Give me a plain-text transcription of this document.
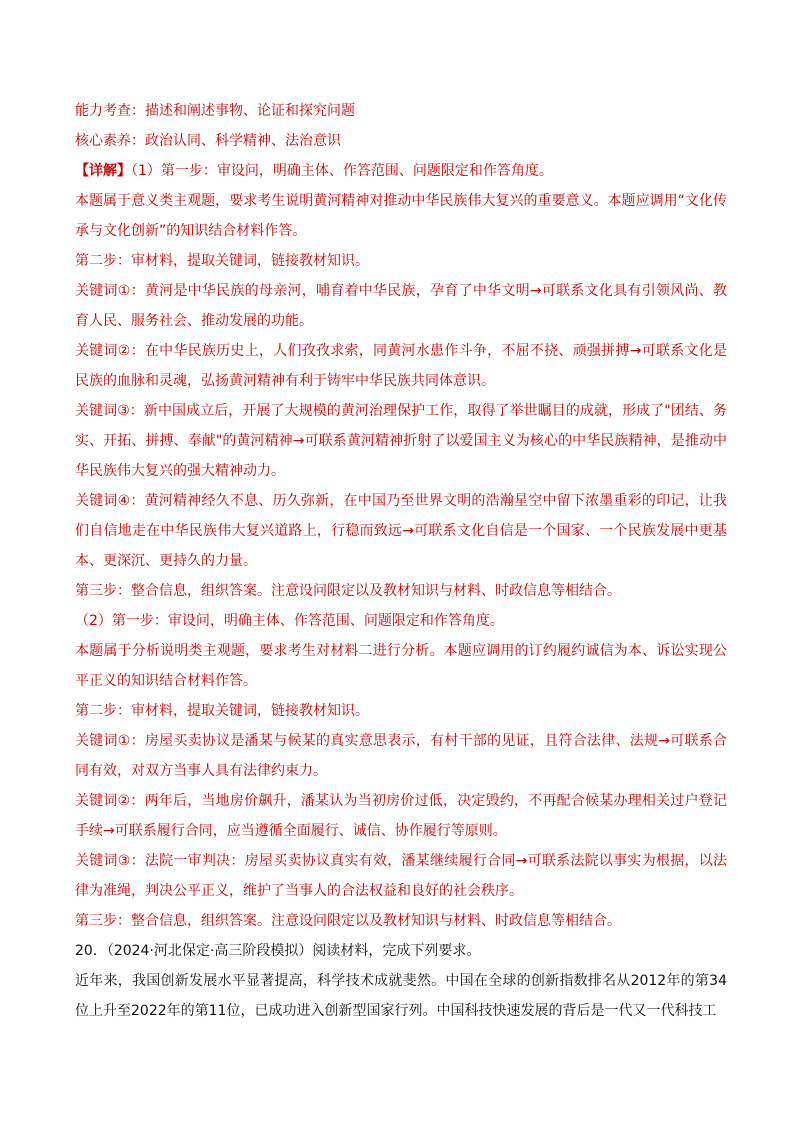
能力考查：描述和阐述事物、论证和探究问题

核心素养：政治认同、科学精神、法治意识

【详解】（1）第一步：审设问，明确主体、作答范围、问题限定和作答角度。

本题属于意义类主观题，要求考生说明黄河精神对推动中华民族伟大复兴的重要意义。本题应调用“文化传承与文化创新”的知识结合材料作答。

第二步：审材料，提取关键词，链接教材知识。

关键词①：黄河是中华民族的母亲河，哺育着中华民族，孕育了中华文明→可联系文化具有引领风尚、教育人民、服务社会、推动发展的功能。

关键词②：在中华民族历史上，人们孜孜求索，同黄河水患作斗争，不屈不挠、顽强拼搏→可联系文化是民族的血脉和灵魂，弘扬黄河精神有利于铸牢中华民族共同体意识。

关键词③：新中国成立后，开展了大规模的黄河治理保护工作，取得了举世瞩目的成就，形成了"团结、务实、开拓、拼搏、奉献"的黄河精神→可联系黄河精神折射了以爱国主义为核心的中华民族精神，是推动中华民族伟大复兴的强大精神动力。

关键词④：黄河精神经久不息、历久弥新，在中国乃至世界文明的浩瀚星空中留下浓墨重彩的印记，让我们自信地走在中华民族伟大复兴道路上，行稳而致远→可联系文化自信是一个国家、一个民族发展中更基本、更深沉、更持久的力量。

第三步：整合信息，组织答案。注意设问限定以及教材知识与材料、时政信息等相结合。

（2）第一步：审设问，明确主体、作答范围、问题限定和作答角度。

本题属于分析说明类主观题，要求考生对材料二进行分析。本题应调用的订约履约诚信为本、诉讼实现公平正义的知识结合材料作答。

第二步：审材料，提取关键词，链接教材知识。

关键词①：房屋买卖协议是潘某与候某的真实意思表示，有村干部的见证，且符合法律、法规→可联系合同有效，对双方当事人具有法律约束力。

关键词②：两年后，当地房价飙升，潘某认为当初房价过低，决定毁约，不再配合候某办理相关过户登记手续→可联系履行合同，应当遵循全面履行、诚信、协作履行等原则。

关键词③：法院一审判决：房屋买卖协议真实有效，潘某继续履行合同→可联系法院以事实为根据，以法律为准绳，判决公平正义，维护了当事人的合法权益和良好的社会秩序。

第三步：整合信息，组织答案。注意设问限定以及教材知识与材料、时政信息等相结合。

20．（2024·河北保定·高三阶段模拟）阅读材料，完成下列要求。

近年来，我国创新发展水平显著提高，科学技术成就斐然。中国在全球的创新指数排名从2012年的第34位上升至2022年的第11位，已成功进入创新型国家行列。中国科技快速发展的背后是一代又一代科技工
